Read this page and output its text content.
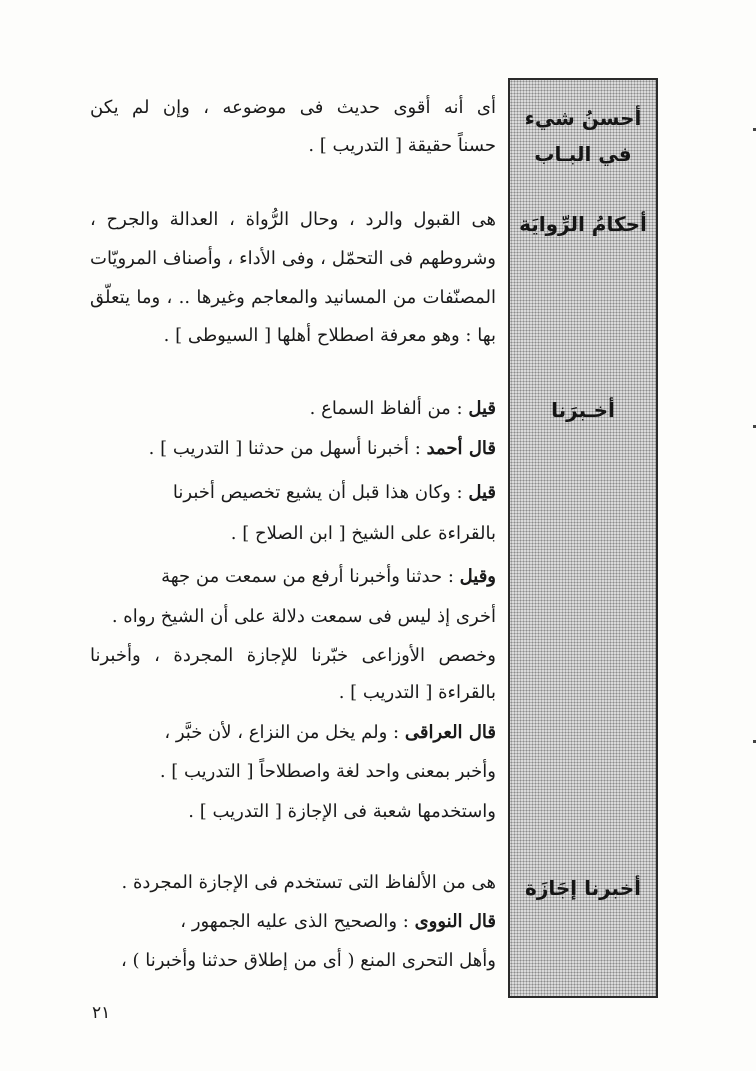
أحسنُ شيء في البـاب
أحكامُ الرِّوايَة
أخـبرَنا
أخبرنا إجَازَة
أى أنه أقوى حديث فى موضوعه ، وإن لم يكن
حسناً حقيقة [ التدريب ] .
هى القبول والرد ، وحال الرُّواة ، العدالة والجرح ،
وشروطهم فى التحمّل ، وفى الأداء ، وأصناف المرويّات
المصنّفات من المسانيد والمعاجم وغيرها .. ، وما يتعلّق
بها : وهو معرفة اصطلاح أهلها [ السيوطى ] .
قيل : من ألفاظ السماع .
قال أحمد : أخبرنا أسهل من حدثنا [ التدريب ] .
قيل : وكان هذا قبل أن يشيع تخصيص أخبرنا
بالقراءة على الشيخ [ ابن الصلاح ] .
وقيل : حدثنا وأخبرنا أرفع من سمعت من جهة
أخرى إذ ليس فى سمعت دلالة على أن الشيخ رواه .
وخصص الأوزاعى خبّرنا للإجازة المجردة ، وأخبرنا
بالقراءة [ التدريب ] .
قال العراقى : ولم يخل من النزاع ، لأن خبَّر ،
وأخبر بمعنى واحد لغة واصطلاحاً [ التدريب ] .
واستخدمها شعبة فى الإجازة [ التدريب ] .
هى من الألفاظ التى تستخدم فى الإجازة المجردة .
قال النووى : والصحيح الذى عليه الجمهور ،
وأهل التحرى المنع ( أى من إطلاق حدثنا وأخبرنا ) ،
٢١
